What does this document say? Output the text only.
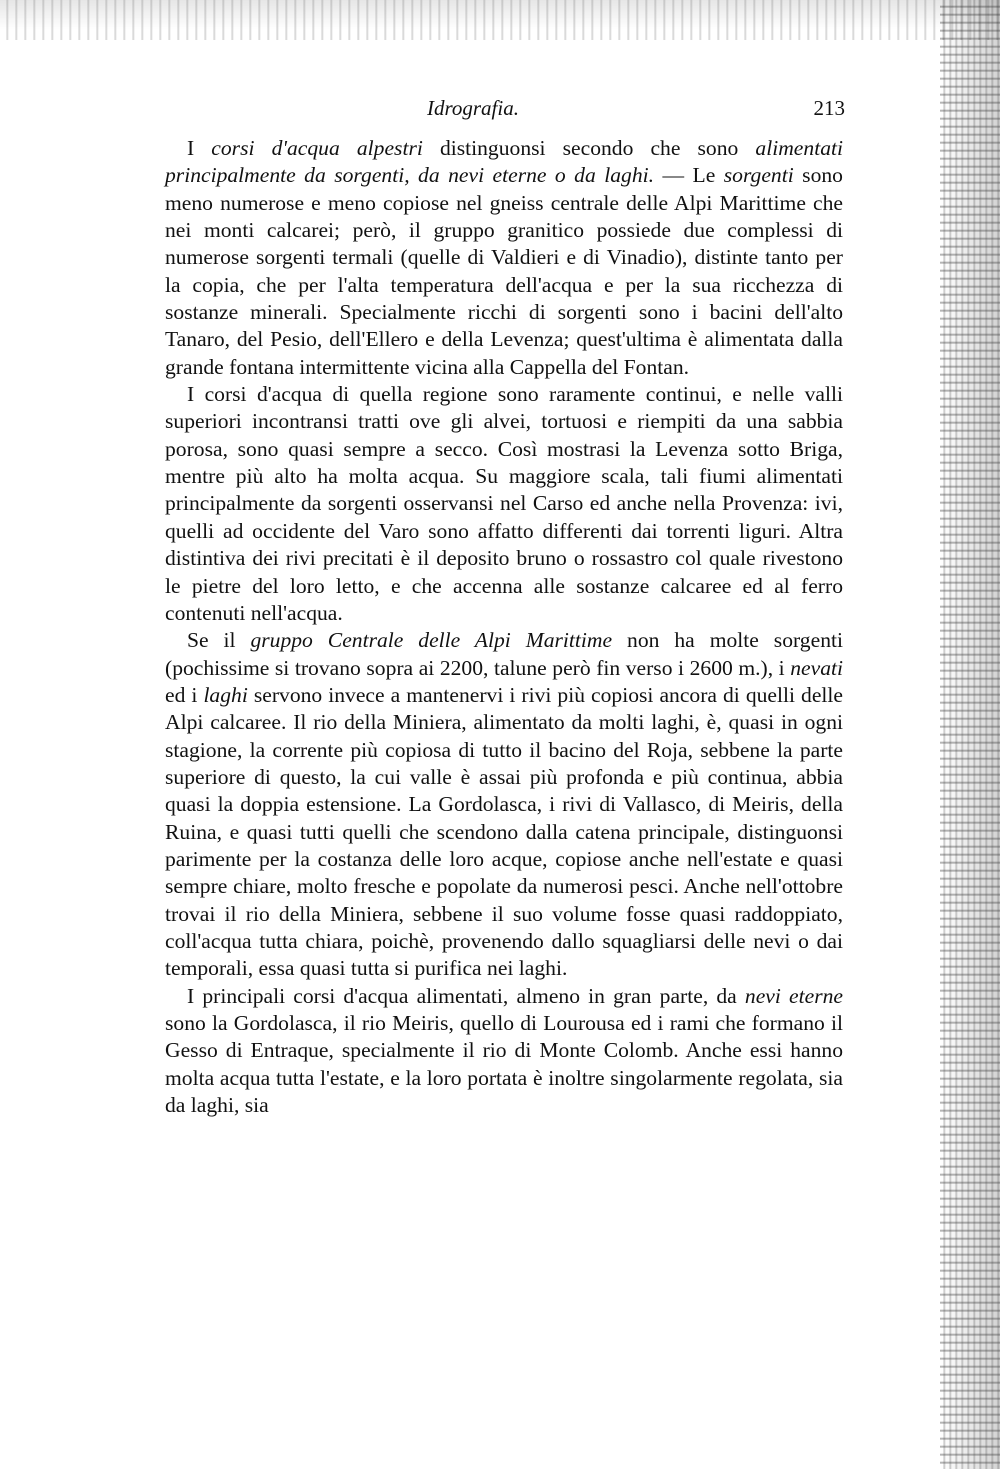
Idrografia.	213

I corsi d'acqua alpestri distinguonsi secondo che sono alimentati principalmente da sorgenti, da nevi eterne o da laghi. — Le sorgenti sono meno numerose e meno copiose nel gneiss centrale delle Alpi Marittime che nei monti calcarei; però, il gruppo granitico possiede due complessi di numerose sorgenti termali (quelle di Valdieri e di Vinadio), distinte tanto per la copia, che per l'alta temperatura dell'acqua e per la sua ricchezza di sostanze minerali. Specialmente ricchi di sorgenti sono i bacini dell'alto Tanaro, del Pesio, dell'Ellero e della Levenza; quest'ultima è alimentata dalla grande fontana intermittente vicina alla Cappella del Fontan.

I corsi d'acqua di quella regione sono raramente continui, e nelle valli superiori incontransi tratti ove gli alvei, tortuosi e riempiti da una sabbia porosa, sono quasi sempre a secco. Così mostrasi la Levenza sotto Briga, mentre più alto ha molta acqua. Su maggiore scala, tali fiumi alimentati principalmente da sorgenti osservansi nel Carso ed anche nella Provenza: ivi, quelli ad occidente del Varo sono affatto differenti dai torrenti liguri. Altra distintiva dei rivi precitati è il deposito bruno o rossastro col quale rivestono le pietre del loro letto, e che accenna alle sostanze calcaree ed al ferro contenuti nell'acqua.

Se il gruppo Centrale delle Alpi Marittime non ha molte sorgenti (pochissime si trovano sopra ai 2200, talune però fin verso i 2600 m.), i nevati ed i laghi servono invece a mantenervi i rivi più copiosi ancora di quelli delle Alpi calcaree. Il rio della Miniera, alimentato da molti laghi, è, quasi in ogni stagione, la corrente più copiosa di tutto il bacino del Roja, sebbene la parte superiore di questo, la cui valle è assai più profonda e più continua, abbia quasi la doppia estensione. La Gordolasca, i rivi di Vallasco, di Meiris, della Ruina, e quasi tutti quelli che scendono dalla catena principale, distinguonsi parimente per la costanza delle loro acque, copiose anche nell'estate e quasi sempre chiare, molto fresche e popolate da numerosi pesci. Anche nell'ottobre trovai il rio della Miniera, sebbene il suo volume fosse quasi raddoppiato, coll'acqua tutta chiara, poichè, provenendo dallo squagliarsi delle nevi o dai temporali, essa quasi tutta si purifica nei laghi.

I principali corsi d'acqua alimentati, almeno in gran parte, da nevi eterne sono la Gordolasca, il rio Meiris, quello di Lourousa ed i rami che formano il Gesso di Entraque, specialmente il rio di Monte Colomb. Anche essi hanno molta acqua tutta l'estate, e la loro portata è inoltre singolarmente regolata, sia da laghi, sia
